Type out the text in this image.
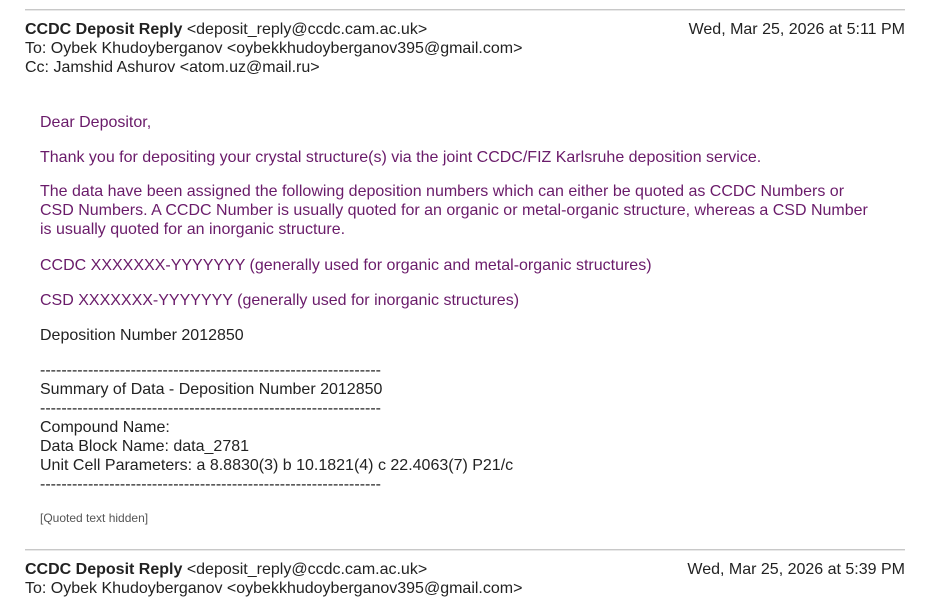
CCDC Deposit Reply <deposit_reply@ccdc.cam.ac.uk>	Wed, Mar 25, 2026 at 5:11 PM
To: Oybek Khudoyberganov <oybekkhudoyberganov395@gmail.com>
Cc: Jamshid Ashurov <atom.uz@mail.ru>
Dear Depositor,
Thank you for depositing your crystal structure(s) via the joint CCDC/FIZ Karlsruhe deposition service.
The data have been assigned the following deposition numbers which can either be quoted as CCDC Numbers or
CSD Numbers. A CCDC Number is usually quoted for an organic or metal-organic structure, whereas a CSD Number
is usually quoted for an inorganic structure.
CCDC XXXXXXX-YYYYYYY (generally used for organic and metal-organic structures)
CSD XXXXXXX-YYYYYYY (generally used for inorganic structures)
Deposition Number 2012850
----------------------------------------------------------------
Summary of Data - Deposition Number 2012850
----------------------------------------------------------------
Compound Name:
Data Block Name: data_2781
Unit Cell Parameters: a 8.8830(3) b 10.1821(4) c 22.4063(7) P21/c
----------------------------------------------------------------
[Quoted text hidden]
CCDC Deposit Reply <deposit_reply@ccdc.cam.ac.uk>	Wed, Mar 25, 2026 at 5:39 PM
To: Oybek Khudoyberganov <oybekkhudoyberganov395@gmail.com>
